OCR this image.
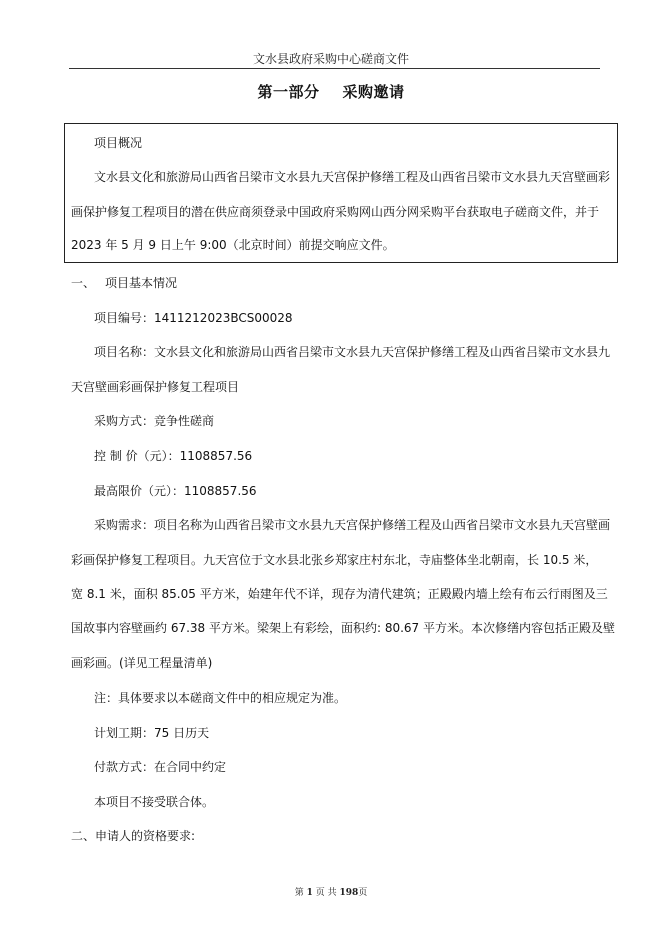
文水县政府采购中心磋商文件
第一部分 采购邀请
项目概况
文水县文化和旅游局山西省吕梁市文水县九天宫保护修缮工程及山西省吕梁市文水县九天宫壁画彩
画保护修复工程项目的潜在供应商须登录中国政府采购网山西分网采购平台获取电子磋商文件，并于
2023 年 5 月 9 日上午 9:00（北京时间）前提交响应文件。
一、 项目基本情况
项目编号：1411212023BCS00028
项目名称：文水县文化和旅游局山西省吕梁市文水县九天宫保护修缮工程及山西省吕梁市文水县九
天宫壁画彩画保护修复工程项目
采购方式：竞争性磋商
控 制 价（元）：1108857.56
最高限价（元）：1108857.56
采购需求：项目名称为山西省吕梁市文水县九天宫保护修缮工程及山西省吕梁市文水县九天宫壁画
彩画保护修复工程项目。九天宫位于文水县北张乡郑家庄村东北，寺庙整体坐北朝南，长 10.5 米，
宽 8.1 米，面积 85.05 平方米，始建年代不详，现存为清代建筑；正殿殿内墙上绘有布云行雨图及三
国故事内容壁画约 67.38 平方米。梁架上有彩绘，面积约: 80.67 平方米。本次修缮内容包括正殿及壁
画彩画。(详见工程量清单)
注：具体要求以本磋商文件中的相应规定为准。
计划工期：75 日历天
付款方式：在合同中约定
本项目不接受联合体。
二、申请人的资格要求:
第 1 页 共 198页
